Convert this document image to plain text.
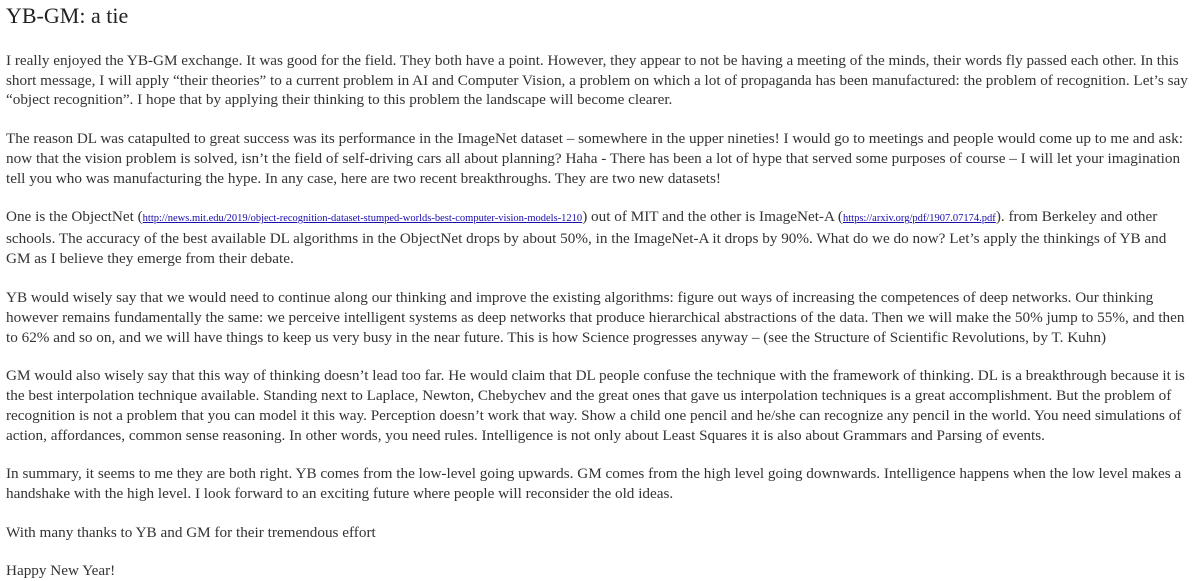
YB-GM: a tie

I really enjoyed the YB-GM exchange. It was good for the field. They both have a point. However, they appear to not be having a meeting of the minds, their words fly passed each other. In this short message, I will apply “their theories” to a current problem in AI and Computer Vision, a problem on which a lot of propaganda has been manufactured: the problem of recognition. Let’s say “object recognition”. I hope that by applying their thinking to this problem the landscape will become clearer.

The reason DL was catapulted to great success was its performance in the ImageNet dataset – somewhere in the upper nineties! I would go to meetings and people would come up to me and ask: now that the vision problem is solved, isn’t the field of self-driving cars all about planning? Haha - There has been a lot of hype that served some purposes of course – I will let your imagination tell you who was manufacturing the hype. In any case, here are two recent breakthroughs. They are two new datasets!

One is the ObjectNet (http://news.mit.edu/2019/object-recognition-dataset-stumped-worlds-best-computer-vision-models-1210) out of MIT and the other is ImageNet-A (https://arxiv.org/pdf/1907.07174.pdf). from Berkeley and other schools. The accuracy of the best available DL algorithms in the ObjectNet drops by about 50%, in the ImageNet-A it drops by 90%. What do we do now? Let’s apply the thinkings of YB and GM as I believe they emerge from their debate.

YB would wisely say that we would need to continue along our thinking and improve the existing algorithms: figure out ways of increasing the competences of deep networks. Our thinking however remains fundamentally the same: we perceive intelligent systems as deep networks that produce hierarchical abstractions of the data. Then we will make the 50% jump to 55%, and then to 62% and so on, and we will have things to keep us very busy in the near future. This is how Science progresses anyway – (see the Structure of Scientific Revolutions, by T. Kuhn)

GM would also wisely say that this way of thinking doesn’t lead too far. He would claim that DL people confuse the technique with the framework of thinking. DL is a breakthrough because it is the best interpolation technique available. Standing next to Laplace, Newton, Chebychev and the great ones that gave us interpolation techniques is a great accomplishment. But the problem of recognition is not a problem that you can model it this way. Perception doesn’t work that way. Show a child one pencil and he/she can recognize any pencil in the world. You need simulations of action, affordances, common sense reasoning. In other words, you need rules. Intelligence is not only about Least Squares it is also about Grammars and Parsing of events.

In summary, it seems to me they are both right. YB comes from the low-level going upwards. GM comes from the high level going downwards. Intelligence happens when the low level makes a handshake with the high level. I look forward to an exciting future where people will reconsider the old ideas.

With many thanks to YB and GM for their tremendous effort

Happy New Year!
